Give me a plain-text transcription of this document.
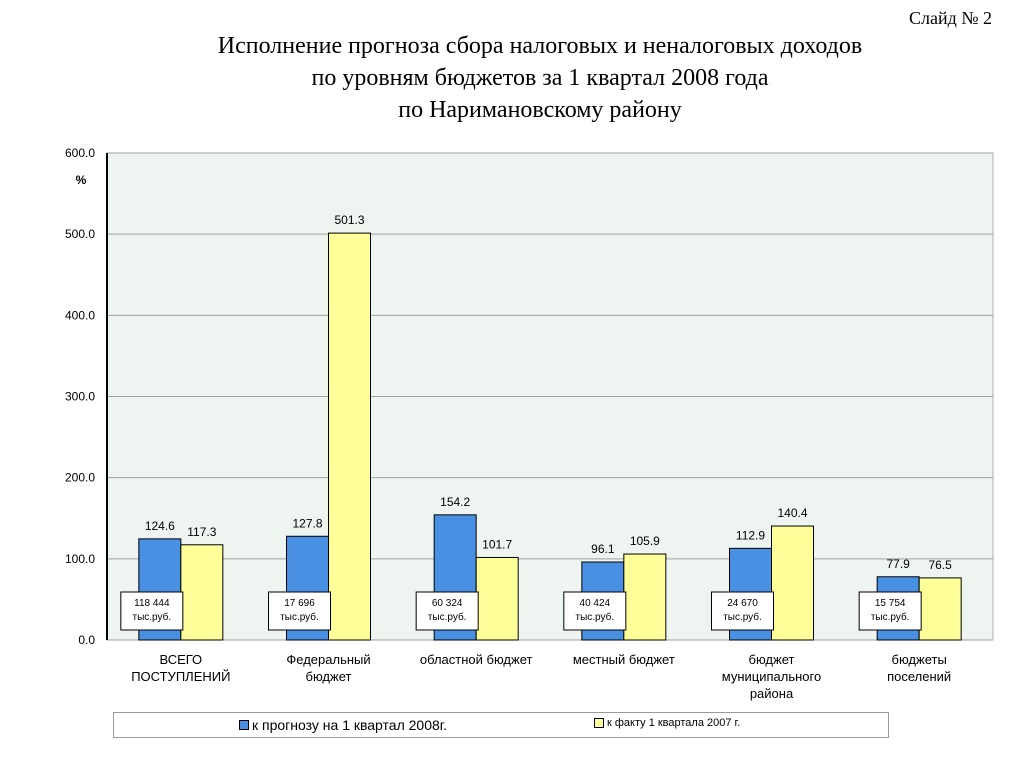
Слайд № 2
Исполнение прогноза сбора налоговых и неналоговых доходов
по уровням бюджетов за 1 квартал 2008 года
по Наримановскому району
0.0
100.0
200.0
300.0
400.0
500.0
600.0
%
124.6 117.3
118 444
тыс.руб.
ВСЕГО
ПОСТУПЛЕНИЙ
127.8
501.3
17 696
тыс.руб.
Федеральный
бюджет
154.2
101.7
60 324
тыс.руб.
областной бюджет
96.1
105.9
40 424
тыс.руб.
местный бюджет
112.9
140.4
24 670
тыс.руб.
бюджет
муниципального
района
77.9 76.5
15 754
тыс.руб.
бюджеты
поселений
к прогнозу на 1 квартал 2008г.	к факту 1 квартала 2007 г.
